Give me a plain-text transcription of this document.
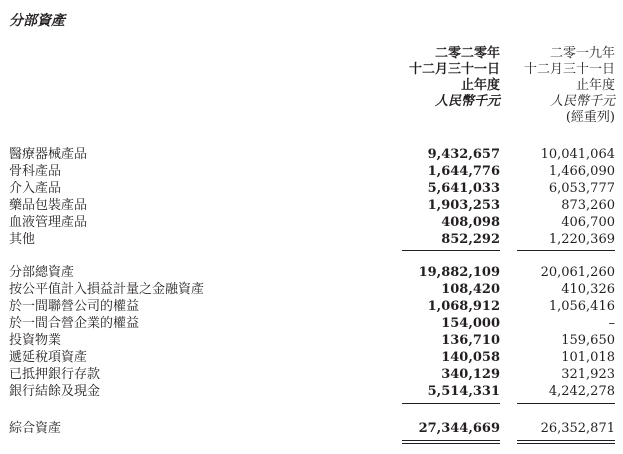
分部資產
二零二零年
十二月三十一日
止年度
人民幣千元
二零一九年
十二月三十一日
止年度
人民幣千元
(經重列)
醫療器械產品	9,432,657	10,041,064
骨科產品	1,644,776	1,466,090
介入產品	5,641,033	6,053,777
藥品包裝產品	1,903,253	873,260
血液管理產品	408,098	406,700
其他	852,292	1,220,369
分部總資產	19,882,109	20,061,260
按公平值計入損益計量之金融資產	108,420	410,326
於一間聯營公司的權益	1,068,912	1,056,416
於一間合營企業的權益	154,000	–
投資物業	136,710	159,650
遞延稅項資產	140,058	101,018
已抵押銀行存款	340,129	321,923
銀行結餘及現金	5,514,331	4,242,278
綜合資產	27,344,669	26,352,871
